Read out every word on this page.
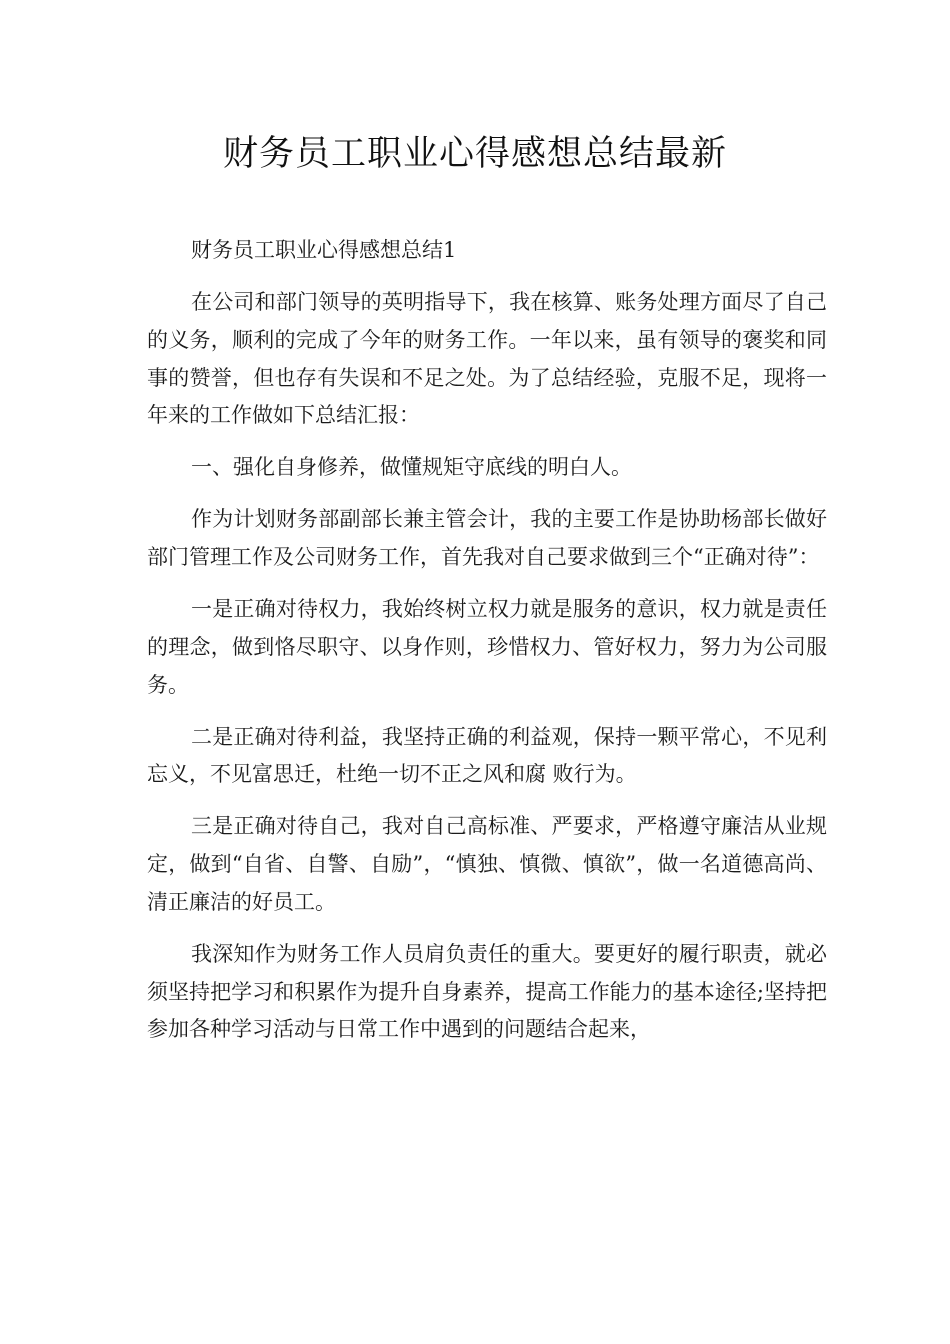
财务员工职业心得感想总结最新

财务员工职业心得感想总结1

在公司和部门领导的英明指导下，我在核算、账务处理方面尽了自己的义务，顺利的完成了今年的财务工作。一年以来，虽有领导的褒奖和同事的赞誉，但也存有失误和不足之处。为了总结经验，克服不足，现将一年来的工作做如下总结汇报：

一、强化自身修养，做懂规矩守底线的明白人。

作为计划财务部副部长兼主管会计，我的主要工作是协助杨部长做好部门管理工作及公司财务工作，首先我对自己要求做到三个“正确对待”：

一是正确对待权力，我始终树立权力就是服务的意识，权力就是责任的理念，做到恪尽职守、以身作则，珍惜权力、管好权力，努力为公司服务。

二是正确对待利益，我坚持正确的利益观，保持一颗平常心，不见利忘义，不见富思迁，杜绝一切不正之风和腐 败行为。

三是正确对待自己，我对自己高标准、严要求，严格遵守廉洁从业规定，做到“自省、自警、自励”，“慎独、慎微、慎欲”，做一名道德高尚、清正廉洁的好员工。

我深知作为财务工作人员肩负责任的重大。要更好的履行职责，就必须坚持把学习和积累作为提升自身素养，提高工作能力的基本途径;坚持把参加各种学习活动与日常工作中遇到的问题结合起来，
